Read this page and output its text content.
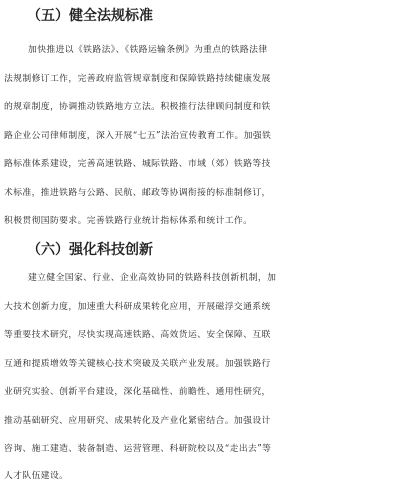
（五）健全法规标准
加快推进以《铁路法》、《铁路运输条例》为重点的铁路法律
法规制修订工作，完善政府监管规章制度和保障铁路持续健康发展
的规章制度，协调推动铁路地方立法。积极推行法律顾问制度和铁
路企业公司律师制度，深入开展“七五”法治宣传教育工作。加强铁
路标准体系建设，完善高速铁路、城际铁路、市域（郊）铁路等技
术标准，推进铁路与公路、民航、邮政等协调衔接的标准制修订，
积极贯彻国防要求。完善铁路行业统计指标体系和统计工作。
（六）强化科技创新
建立健全国家、行业、企业高效协同的铁路科技创新机制，加
大技术创新力度，加速重大科研成果转化应用，开展磁浮交通系统
等重要技术研究，尽快实现高速铁路、高效货运、安全保障、互联
互通和提质增效等关键核心技术突破及关联产业发展。加强铁路行
业研究实验、创新平台建设，深化基础性、前瞻性、通用性研究，
推动基础研究、应用研究、成果转化及产业化紧密结合。加强设计
咨询、施工建造、装备制造、运营管理、科研院校以及“走出去”等
人才队伍建设。
